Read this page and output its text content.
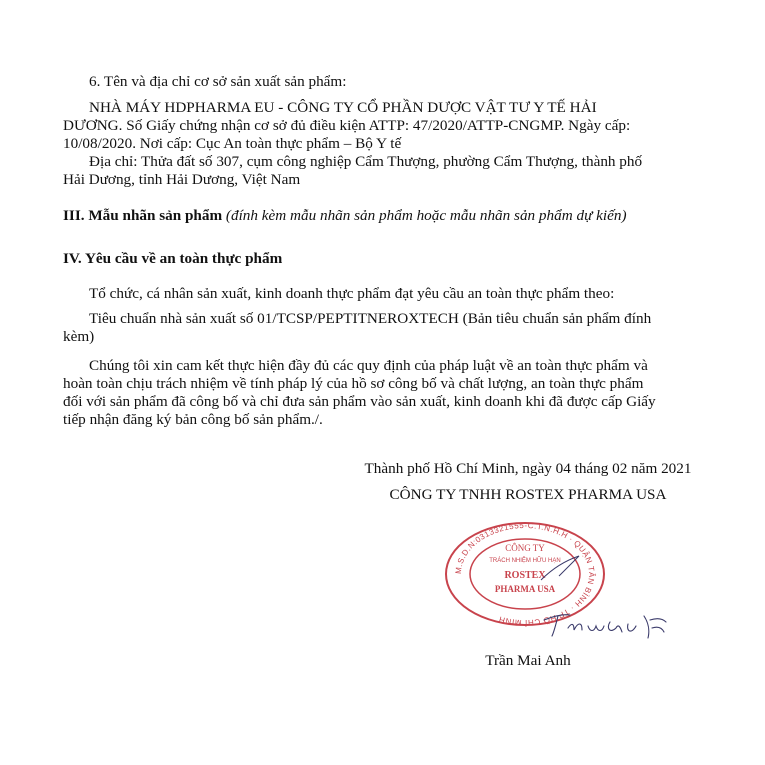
6. Tên và địa chỉ cơ sở sản xuất sản phẩm:

NHÀ MÁY HDPHARMA EU - CÔNG TY CỔ PHẦN DƯỢC VẬT TƯ Y TẾ HẢI

DƯƠNG. Số Giấy chứng nhận cơ sở đủ điều kiện ATTP: 47/2020/ATTP-CNGMP. Ngày cấp:

10/08/2020. Nơi cấp: Cục An toàn thực phẩm – Bộ Y tế

Địa chỉ: Thửa đất số 307, cụm công nghiệp Cẩm Thượng, phường Cẩm Thượng, thành phố

Hải Dương, tỉnh Hải Dương, Việt Nam

III. Mẫu nhãn sản phẩm (đính kèm mẫu nhãn sản phẩm hoặc mẫu nhãn sản phẩm dự kiến)

IV. Yêu cầu về an toàn thực phẩm

Tổ chức, cá nhân sản xuất, kinh doanh thực phẩm đạt yêu cầu an toàn thực phẩm theo:

Tiêu chuẩn nhà sản xuất số 01/TCSP/PEPTITNEROXTECH (Bản tiêu chuẩn sản phẩm đính

kèm)

Chúng tôi xin cam kết thực hiện đầy đủ các quy định của pháp luật về an toàn thực phẩm và

hoàn toàn chịu trách nhiệm về tính pháp lý của hồ sơ công bố và chất lượng, an toàn thực phẩm

đối với sản phẩm đã công bố và chỉ đưa sản phẩm vào sản xuất, kinh doanh khi đã được cấp Giấy

tiếp nhận đăng ký bản công bố sản phẩm./.

Thành phố Hồ Chí Minh, ngày 04 tháng 02 năm 2021

CÔNG TY TNHH ROSTEX PHARMA USA

M.S.D.N:0313321555-C.T.N.H.H · QUẬN TÂN BÌNH · TP HỒ CHÍ MINH
CÔNG TY
TRÁCH NHIỆM HỮU HẠN
ROSTEX
PHARMA USA

Trần Mai Anh
